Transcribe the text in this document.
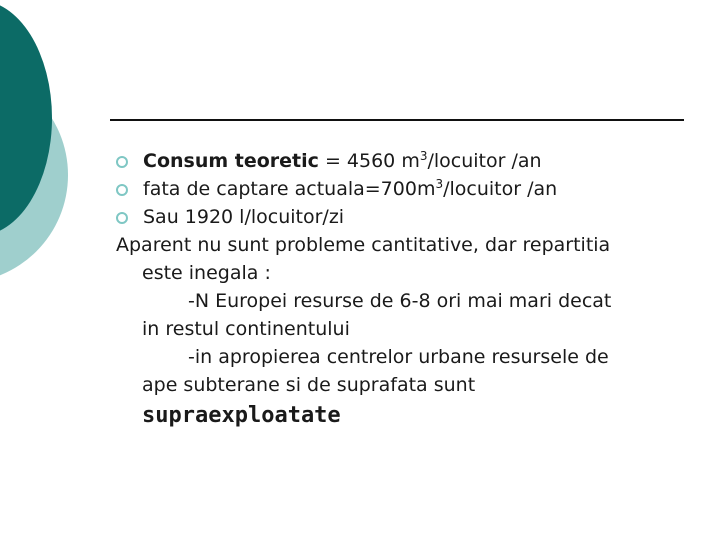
Consum teoretic = 4560 $m^3$/locuitor /an
fata de captare $actuala=700m^3$/locuitor /an
Sau 1920 l/locuitor/zi
Aparent nu sunt probleme cantitative, dar repartitia
este inegala :
-N Europei resurse de 6-8 ori mai mari decat
in restul continentului
-in apropierea centrelor urbane resursele de
ape subterane si de suprafata sunt
supraexploatate
